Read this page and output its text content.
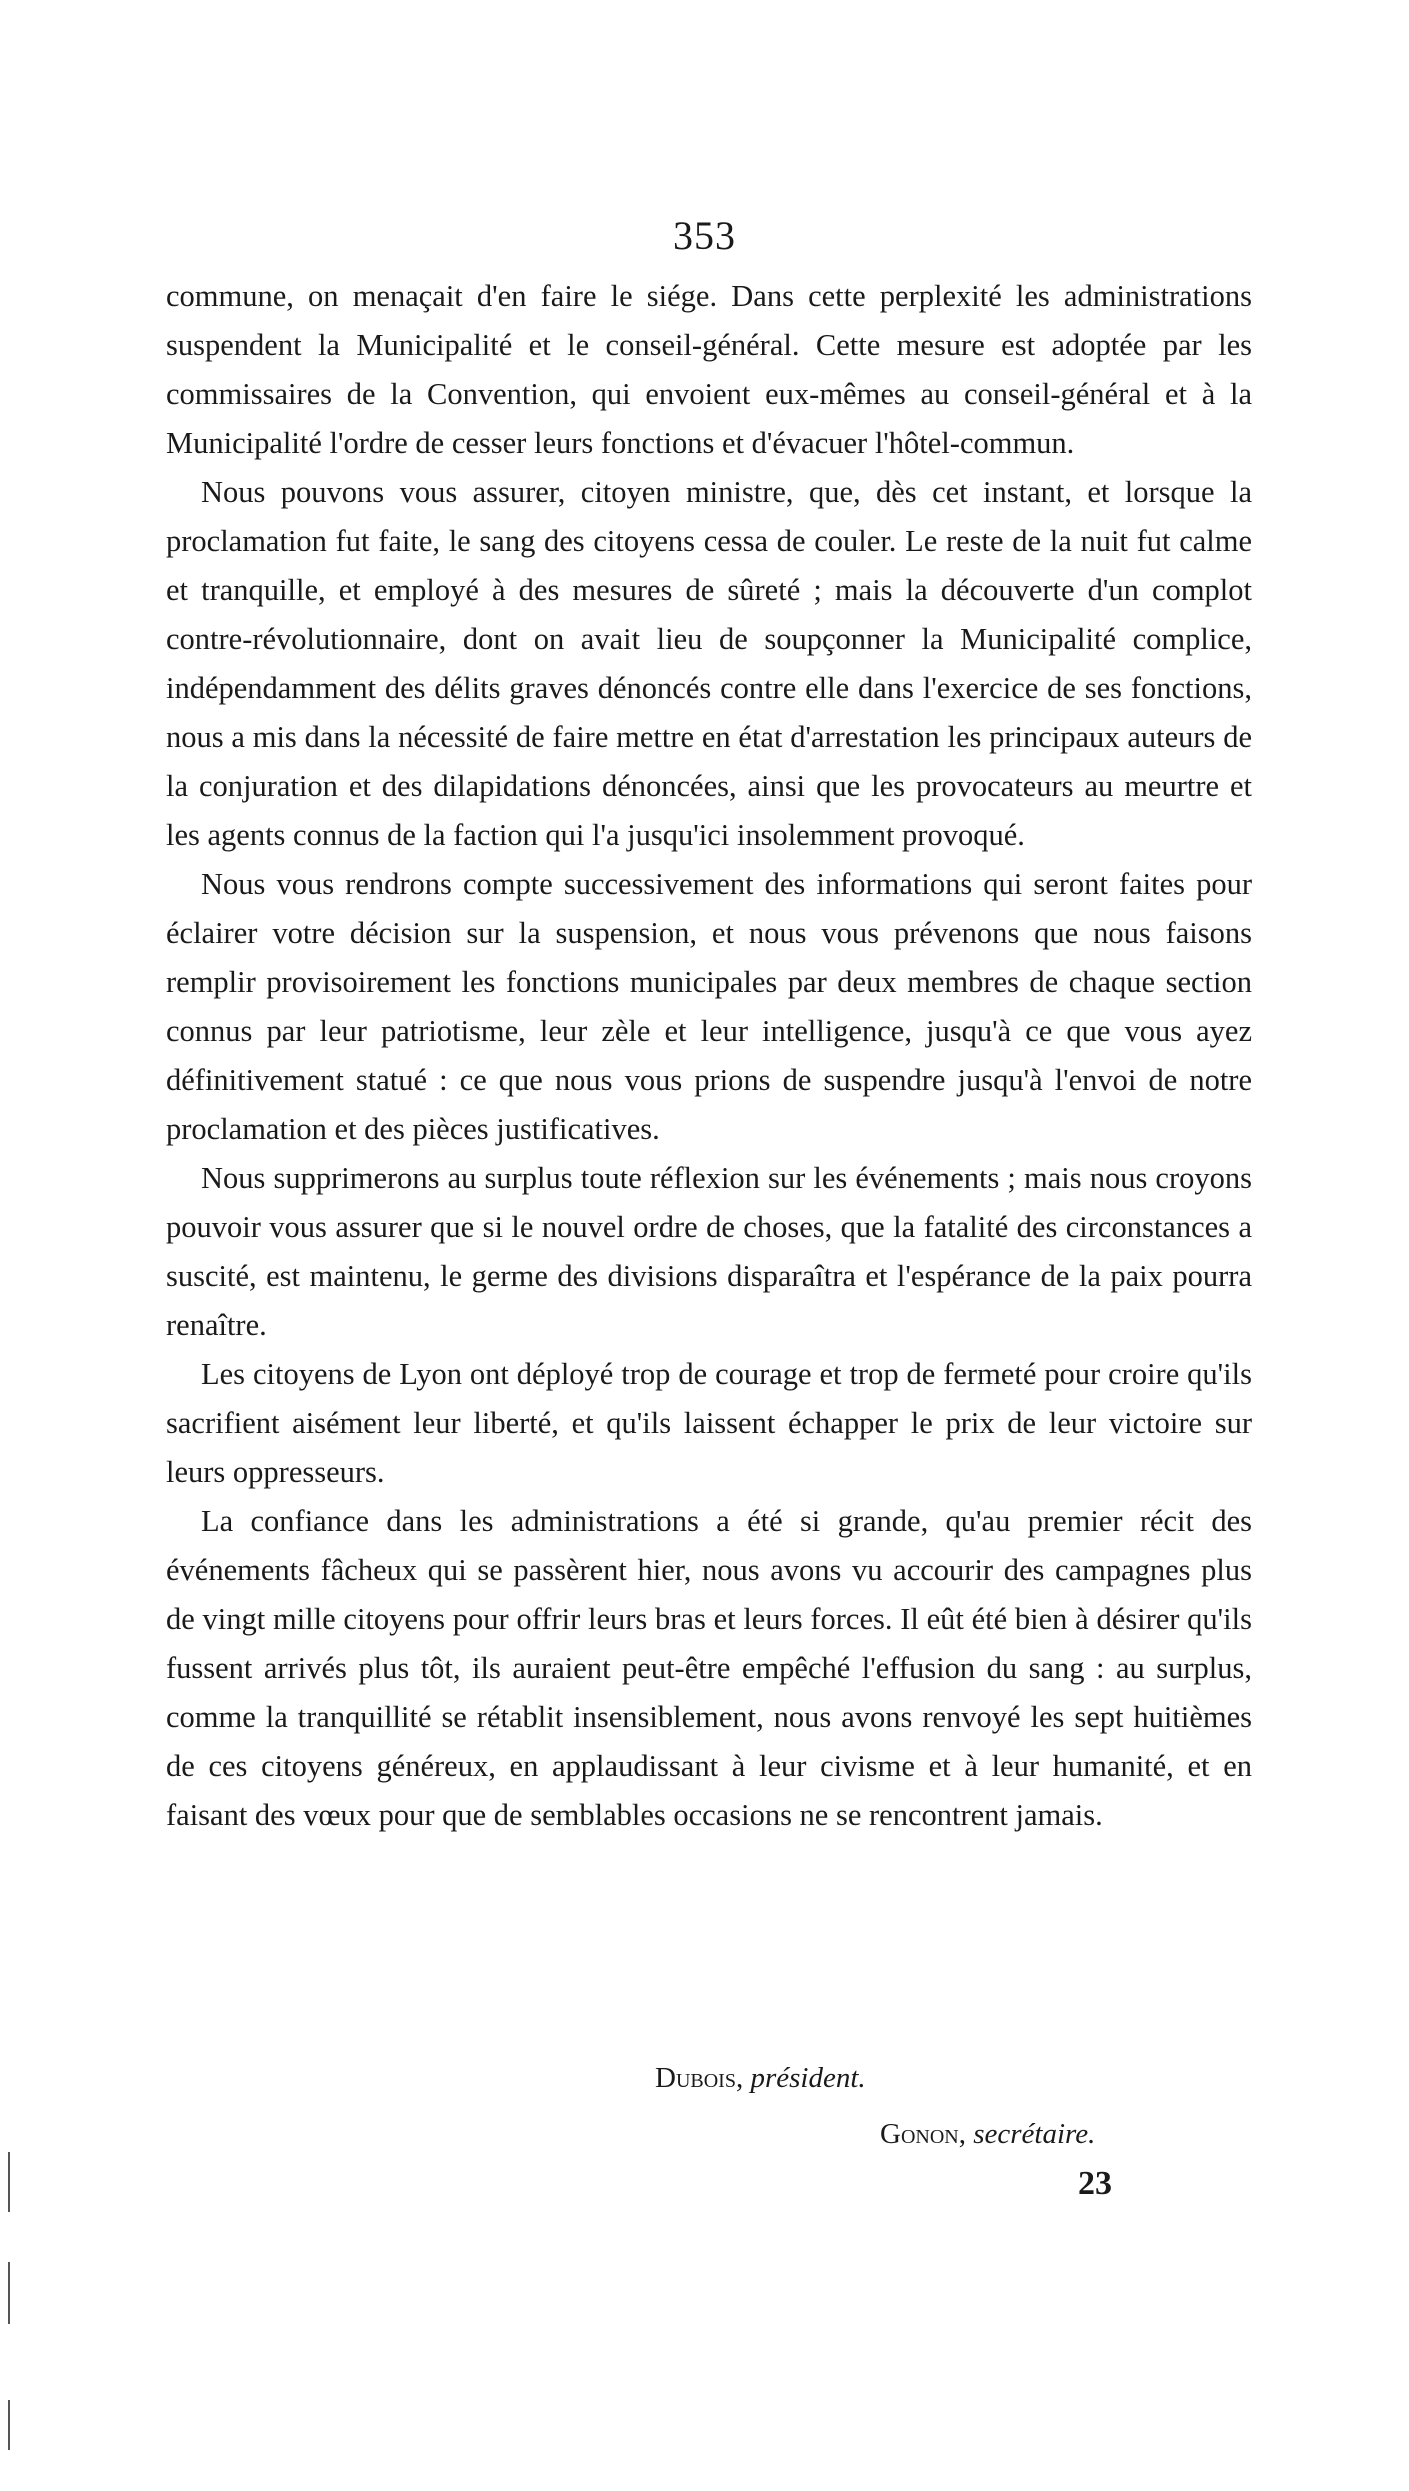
353

commune, on menaçait d'en faire le siége. Dans cette perplexité les administrations suspendent la Municipalité et le conseil-général. Cette mesure est adoptée par les commissaires de la Convention, qui envoient eux-mêmes au conseil-général et à la Municipalité l'ordre de cesser leurs fonctions et d'évacuer l'hôtel-commun.

Nous pouvons vous assurer, citoyen ministre, que, dès cet instant, et lorsque la proclamation fut faite, le sang des citoyens cessa de couler. Le reste de la nuit fut calme et tranquille, et employé à des mesures de sûreté ; mais la découverte d'un complot contre-révolutionnaire, dont on avait lieu de soupçonner la Municipalité complice, indépendamment des délits graves dénoncés contre elle dans l'exercice de ses fonctions, nous a mis dans la nécessité de faire mettre en état d'arrestation les principaux auteurs de la conjuration et des dilapidations dénoncées, ainsi que les provocateurs au meurtre et les agents connus de la faction qui l'a jusqu'ici insolemment provoqué.

Nous vous rendrons compte successivement des informations qui seront faites pour éclairer votre décision sur la suspension, et nous vous prévenons que nous faisons remplir provisoirement les fonctions municipales par deux membres de chaque section connus par leur patriotisme, leur zèle et leur intelligence, jusqu'à ce que vous ayez définitivement statué : ce que nous vous prions de suspendre jusqu'à l'envoi de notre proclamation et des pièces justificatives.

Nous supprimerons au surplus toute réflexion sur les événements ; mais nous croyons pouvoir vous assurer que si le nouvel ordre de choses, que la fatalité des circonstances a suscité, est maintenu, le germe des divisions disparaîtra et l'espérance de la paix pourra renaître.

Les citoyens de Lyon ont déployé trop de courage et trop de fermeté pour croire qu'ils sacrifient aisément leur liberté, et qu'ils laissent échapper le prix de leur victoire sur leurs oppresseurs.

La confiance dans les administrations a été si grande, qu'au premier récit des événements fâcheux qui se passèrent hier, nous avons vu accourir des campagnes plus de vingt mille citoyens pour offrir leurs bras et leurs forces. Il eût été bien à désirer qu'ils fussent arrivés plus tôt, ils auraient peut-être empêché l'effusion du sang : au surplus, comme la tranquillité se rétablit insensiblement, nous avons renvoyé les sept huitièmes de ces citoyens généreux, en applaudissant à leur civisme et à leur humanité, et en faisant des vœux pour que de semblables occasions ne se rencontrent jamais.

Dubois, président.
Gonon, secrétaire.
23
